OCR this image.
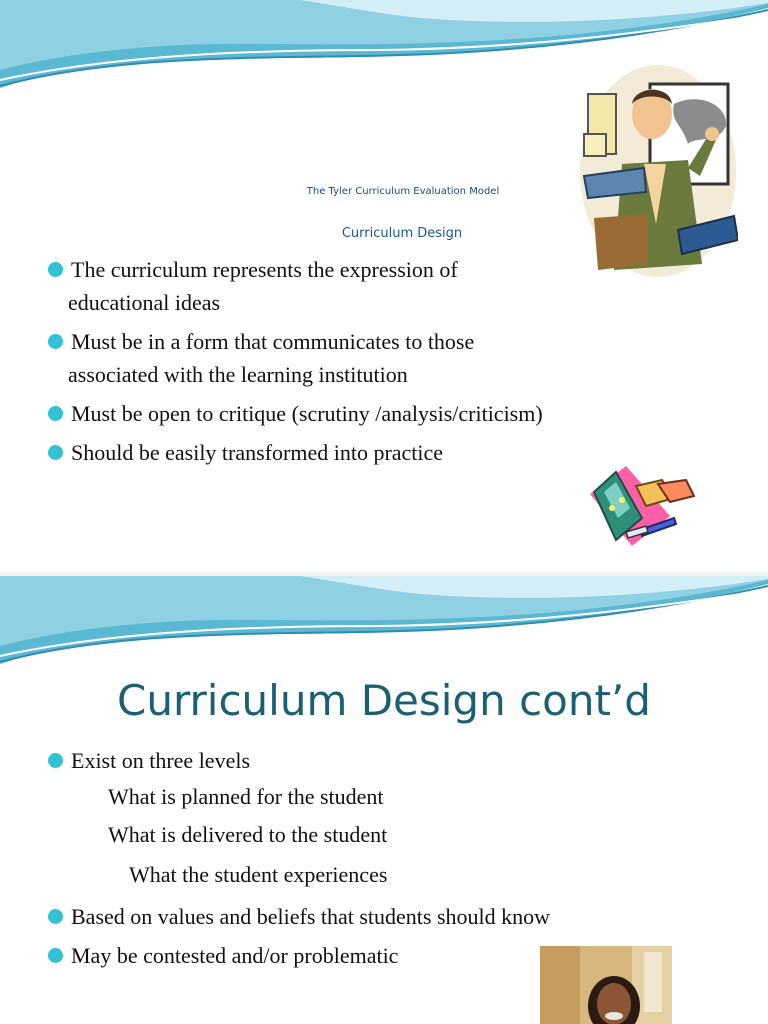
The Tyler Curriculum Evaluation Model
Curriculum Design
The curriculum represents the expression of
educational ideas
Must be in a form that communicates to those
associated with the learning institution
Must be open to critique (scrutiny /analysis/criticism)
Should be easily transformed into practice
Curriculum Design cont’d
Exist on three levels
What is planned for the student
What is delivered to the student
What the student experiences
Based on values and beliefs that students should know
May be contested and/or problematic
